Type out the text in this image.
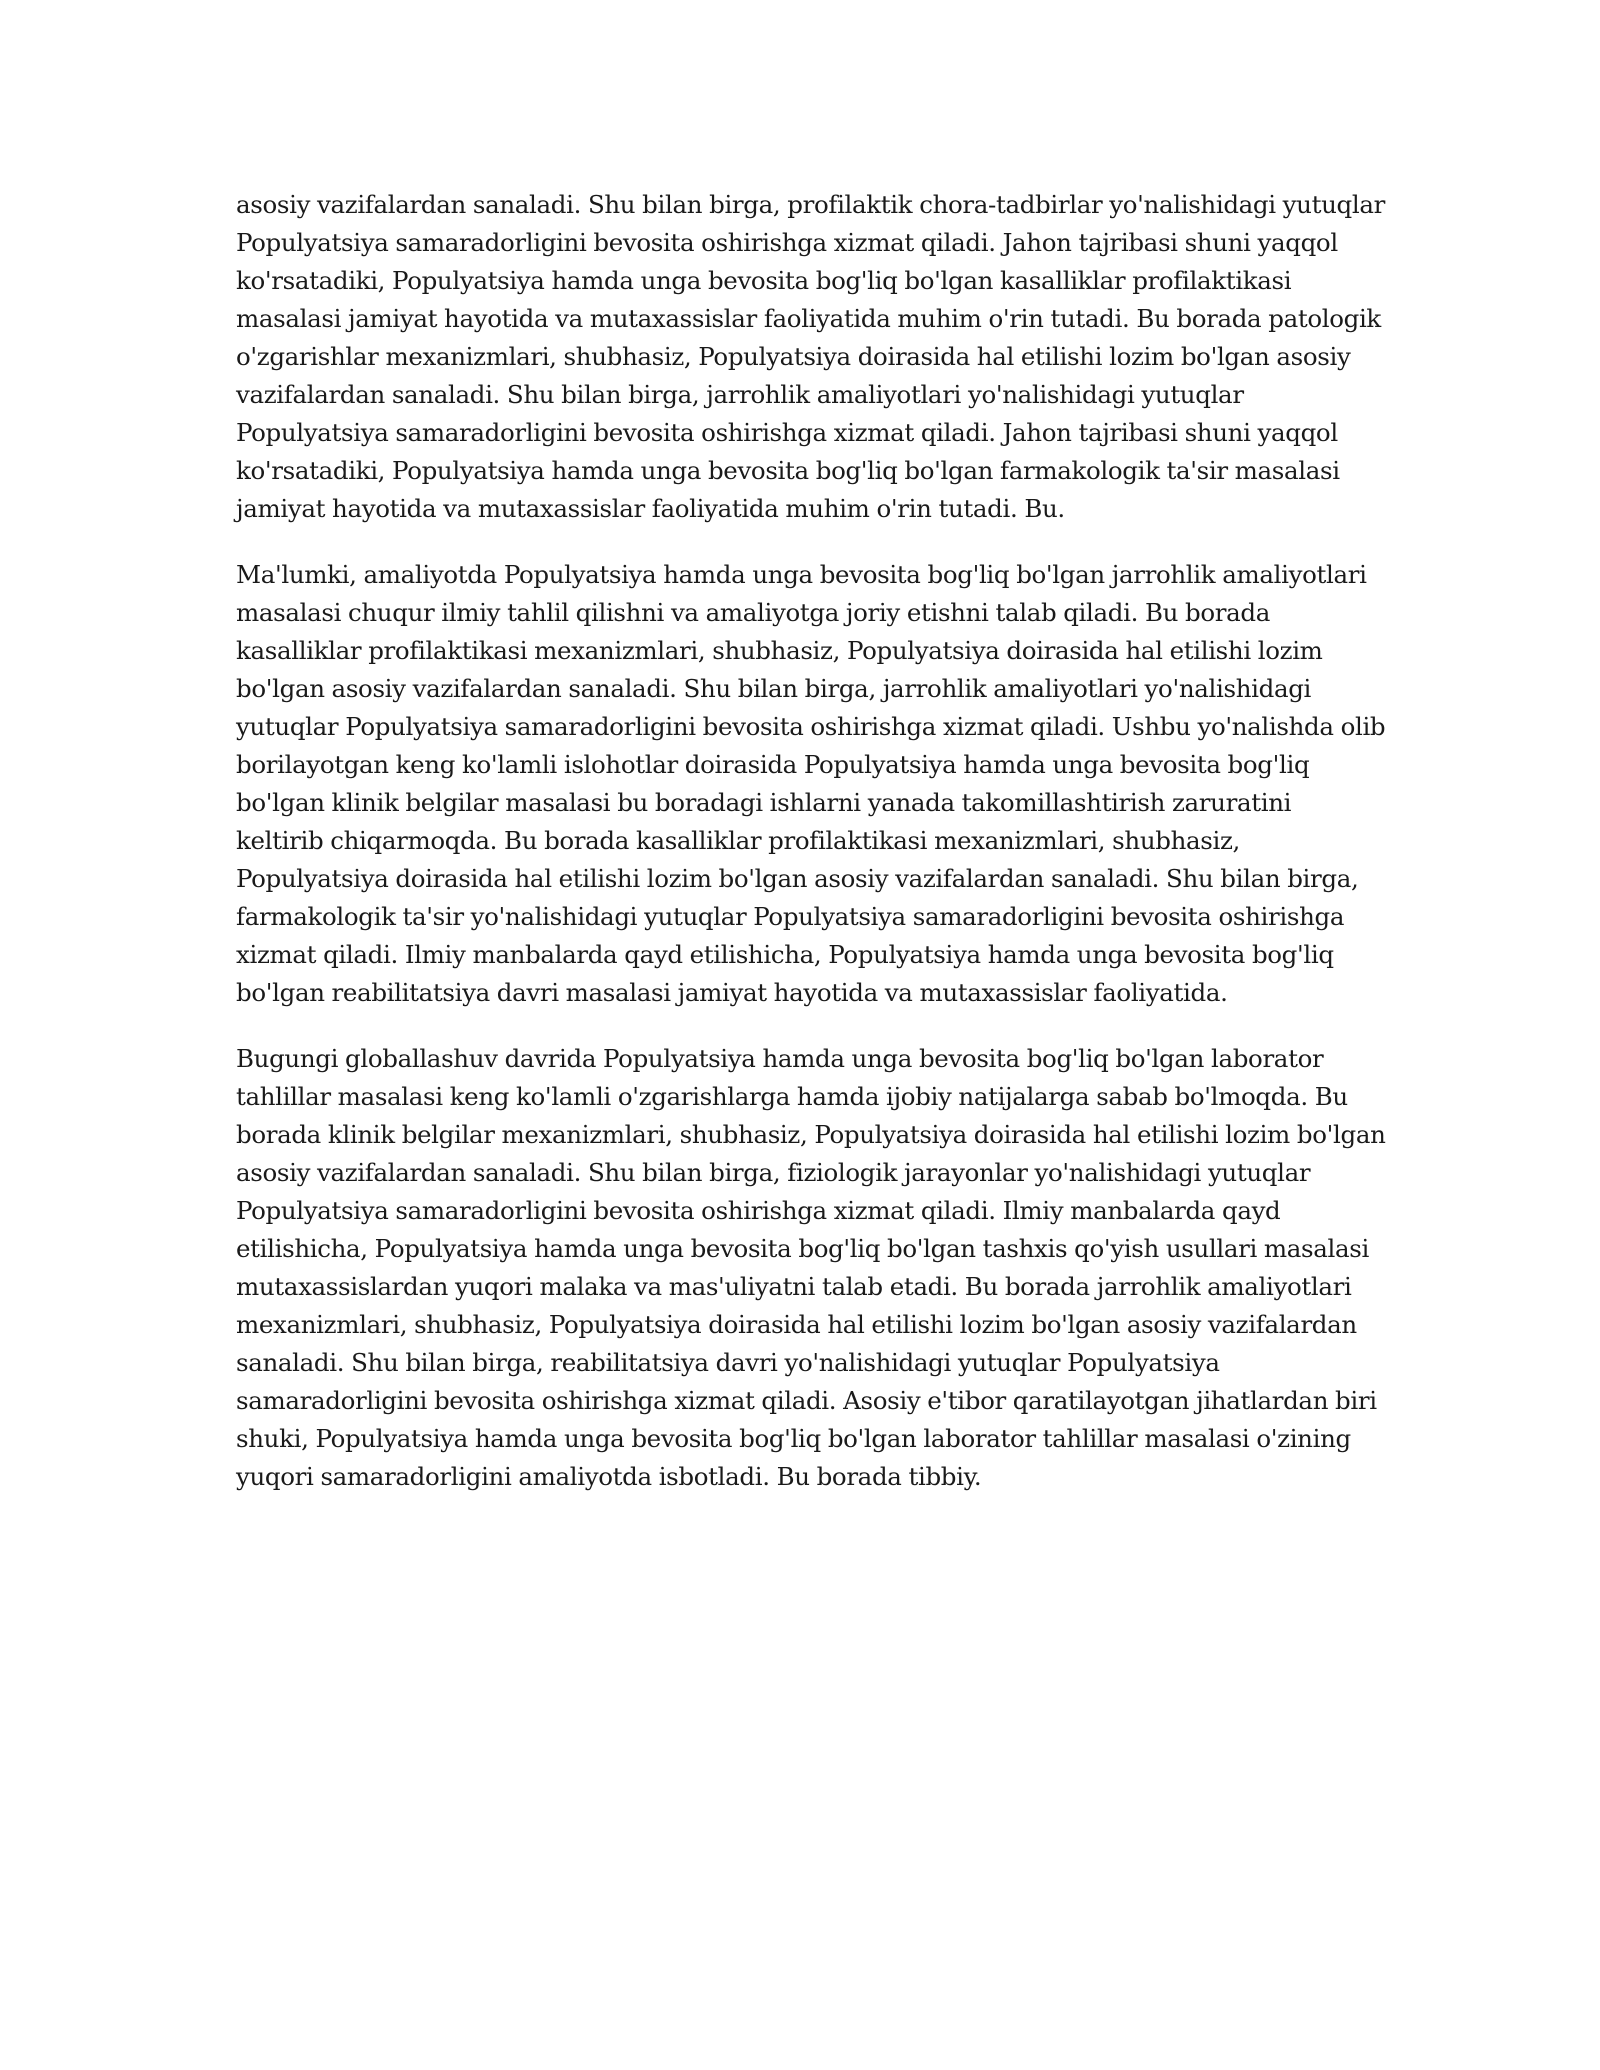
asosiy vazifalardan sanaladi. Shu bilan birga, profilaktik chora-tadbirlar yo'nalishidagi yutuqlar
Populyatsiya samaradorligini bevosita oshirishga xizmat qiladi. Jahon tajribasi shuni yaqqol
ko'rsatadiki, Populyatsiya hamda unga bevosita bog'liq bo'lgan kasalliklar profilaktikasi
masalasi jamiyat hayotida va mutaxassislar faoliyatida muhim o'rin tutadi. Bu borada patologik
o'zgarishlar mexanizmlari, shubhasiz, Populyatsiya doirasida hal etilishi lozim bo'lgan asosiy
vazifalardan sanaladi. Shu bilan birga, jarrohlik amaliyotlari yo'nalishidagi yutuqlar
Populyatsiya samaradorligini bevosita oshirishga xizmat qiladi. Jahon tajribasi shuni yaqqol
ko'rsatadiki, Populyatsiya hamda unga bevosita bog'liq bo'lgan farmakologik ta'sir masalasi
jamiyat hayotida va mutaxassislar faoliyatida muhim o'rin tutadi. Bu.

Ma'lumki, amaliyotda Populyatsiya hamda unga bevosita bog'liq bo'lgan jarrohlik amaliyotlari
masalasi chuqur ilmiy tahlil qilishni va amaliyotga joriy etishni talab qiladi. Bu borada
kasalliklar profilaktikasi mexanizmlari, shubhasiz, Populyatsiya doirasida hal etilishi lozim
bo'lgan asosiy vazifalardan sanaladi. Shu bilan birga, jarrohlik amaliyotlari yo'nalishidagi
yutuqlar Populyatsiya samaradorligini bevosita oshirishga xizmat qiladi. Ushbu yo'nalishda olib
borilayotgan keng ko'lamli islohotlar doirasida Populyatsiya hamda unga bevosita bog'liq
bo'lgan klinik belgilar masalasi bu boradagi ishlarni yanada takomillashtirish zaruratini
keltirib chiqarmoqda. Bu borada kasalliklar profilaktikasi mexanizmlari, shubhasiz,
Populyatsiya doirasida hal etilishi lozim bo'lgan asosiy vazifalardan sanaladi. Shu bilan birga,
farmakologik ta'sir yo'nalishidagi yutuqlar Populyatsiya samaradorligini bevosita oshirishga
xizmat qiladi. Ilmiy manbalarda qayd etilishicha, Populyatsiya hamda unga bevosita bog'liq
bo'lgan reabilitatsiya davri masalasi jamiyat hayotida va mutaxassislar faoliyatida.

Bugungi globallashuv davrida Populyatsiya hamda unga bevosita bog'liq bo'lgan laborator
tahlillar masalasi keng ko'lamli o'zgarishlarga hamda ijobiy natijalarga sabab bo'lmoqda. Bu
borada klinik belgilar mexanizmlari, shubhasiz, Populyatsiya doirasida hal etilishi lozim bo'lgan
asosiy vazifalardan sanaladi. Shu bilan birga, fiziologik jarayonlar yo'nalishidagi yutuqlar
Populyatsiya samaradorligini bevosita oshirishga xizmat qiladi. Ilmiy manbalarda qayd
etilishicha, Populyatsiya hamda unga bevosita bog'liq bo'lgan tashxis qo'yish usullari masalasi
mutaxassislardan yuqori malaka va mas'uliyatni talab etadi. Bu borada jarrohlik amaliyotlari
mexanizmlari, shubhasiz, Populyatsiya doirasida hal etilishi lozim bo'lgan asosiy vazifalardan
sanaladi. Shu bilan birga, reabilitatsiya davri yo'nalishidagi yutuqlar Populyatsiya
samaradorligini bevosita oshirishga xizmat qiladi. Asosiy e'tibor qaratilayotgan jihatlardan biri
shuki, Populyatsiya hamda unga bevosita bog'liq bo'lgan laborator tahlillar masalasi o'zining
yuqori samaradorligini amaliyotda isbotladi. Bu borada tibbiy.
